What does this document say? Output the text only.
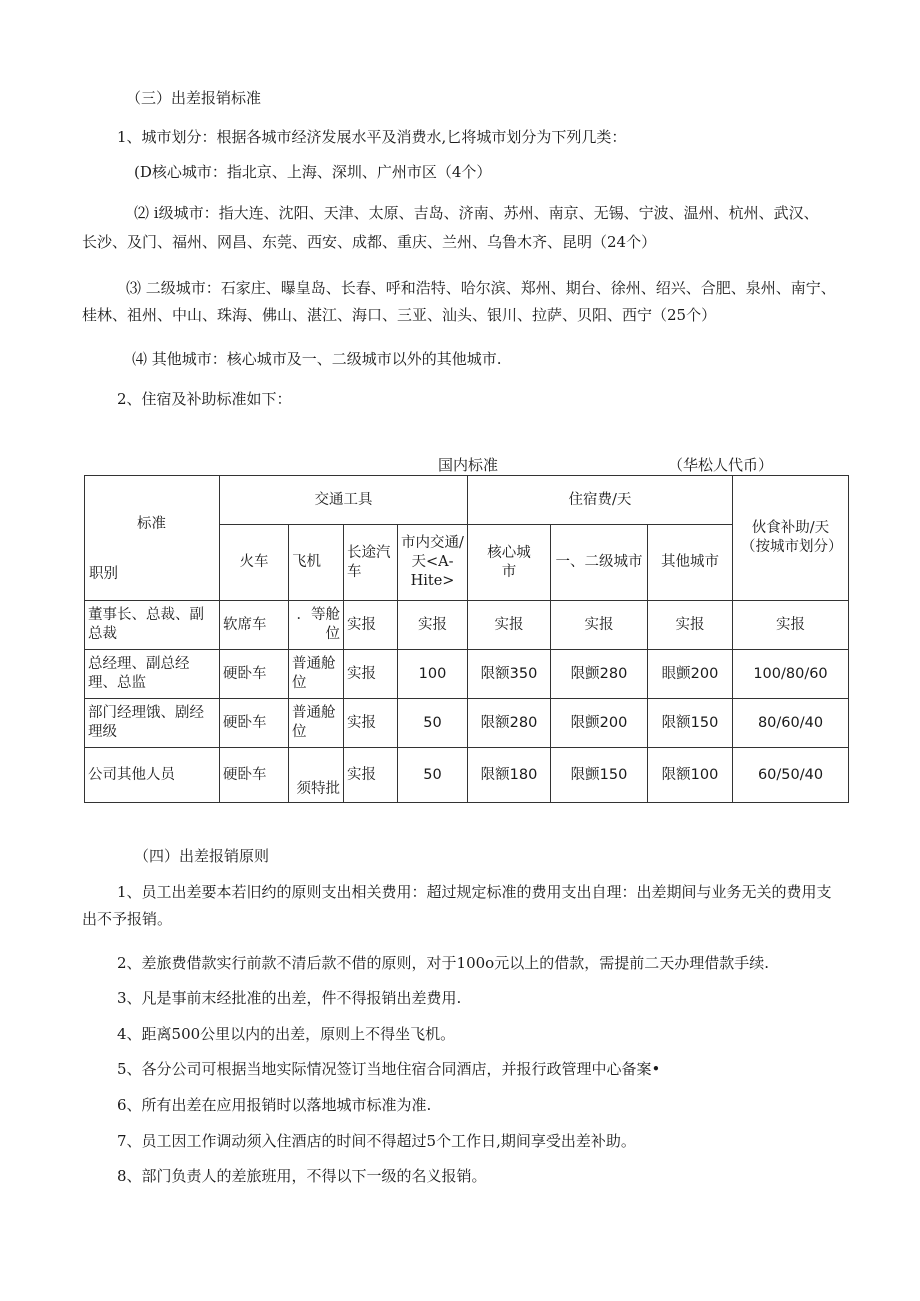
（三）出差报销标准
1、城市划分：根据各城市经济发展水平及消费水,匕将城市划分为下列几类：
(D核心城市：指北京、上海、深圳、广州市区（4个）
⑵ i级城市：指大连、沈阳、天津、太原、吉岛、济南、苏州、南京、无锡、宁波、温州、杭州、武汉、
长沙、及门、福州、网昌、东莞、西安、成都、重庆、兰州、乌鲁木齐、昆明（24个）
⑶ 二级城市：石家庄、曝皇岛、长春、呼和浩特、哈尔滨、郑州、期台、徐州、绍兴、合肥、泉州、南宁、
桂林、祖州、中山、珠海、佛山、湛江、海口、三亚、汕头、银川、拉萨、贝阳、西宁（25个）
⑷ 其他城市：核心城市及一、二级城市以外的其他城市.
2、住宿及补助标准如下：
国内标准	（华松人代币）
标准
职别	交通工具				住宿费/天			伙食补助/天（按城市划分）
	火车	飞机	长途汽车	市内交通/天<A-Hite>	核心城市	一、二级城市	其他城市	
董事长、总裁、副总裁	软席车	．等舱位	实报	实报	实报	实报	实报	实报
总经理、副总经理、总监	硬卧车	普通舱位	实报	100	限额350	限颤280	眼颤200	100/80/60
部门经理饿、剧经理级	硬卧车	普通舱位	实报	50	限额280	限颤200	限额150	80/60/40
公司其他人员	硬卧车	须特批	实报	50	限额180	限颤150	限额100	60/50/40
（四）出差报销原则
1、员工出差要本若旧约的原则支出相关费用：超过规定标准的费用支出自理：出差期间与业务无关的费用支
出不予报销。
2、差旅费借款实行前款不清后款不借的原则，对于100o元以上的借款，需提前二天办理借款手续.
3、凡是事前末经批准的出差，件不得报销出差费用.
4、距离500公里以内的出差，原则上不得坐飞机。
5、各分公司可根据当地实际情况签订当地住宿合同酒店，并报行政管理中心备案•
6、所有出差在应用报销时以落地城市标准为准.
7、员工因工作调动须入住酒店的时间不得超过5个工作日,期间享受出差补助。
8、部门负责人的差旅班用，不得以下一级的名义报销。
